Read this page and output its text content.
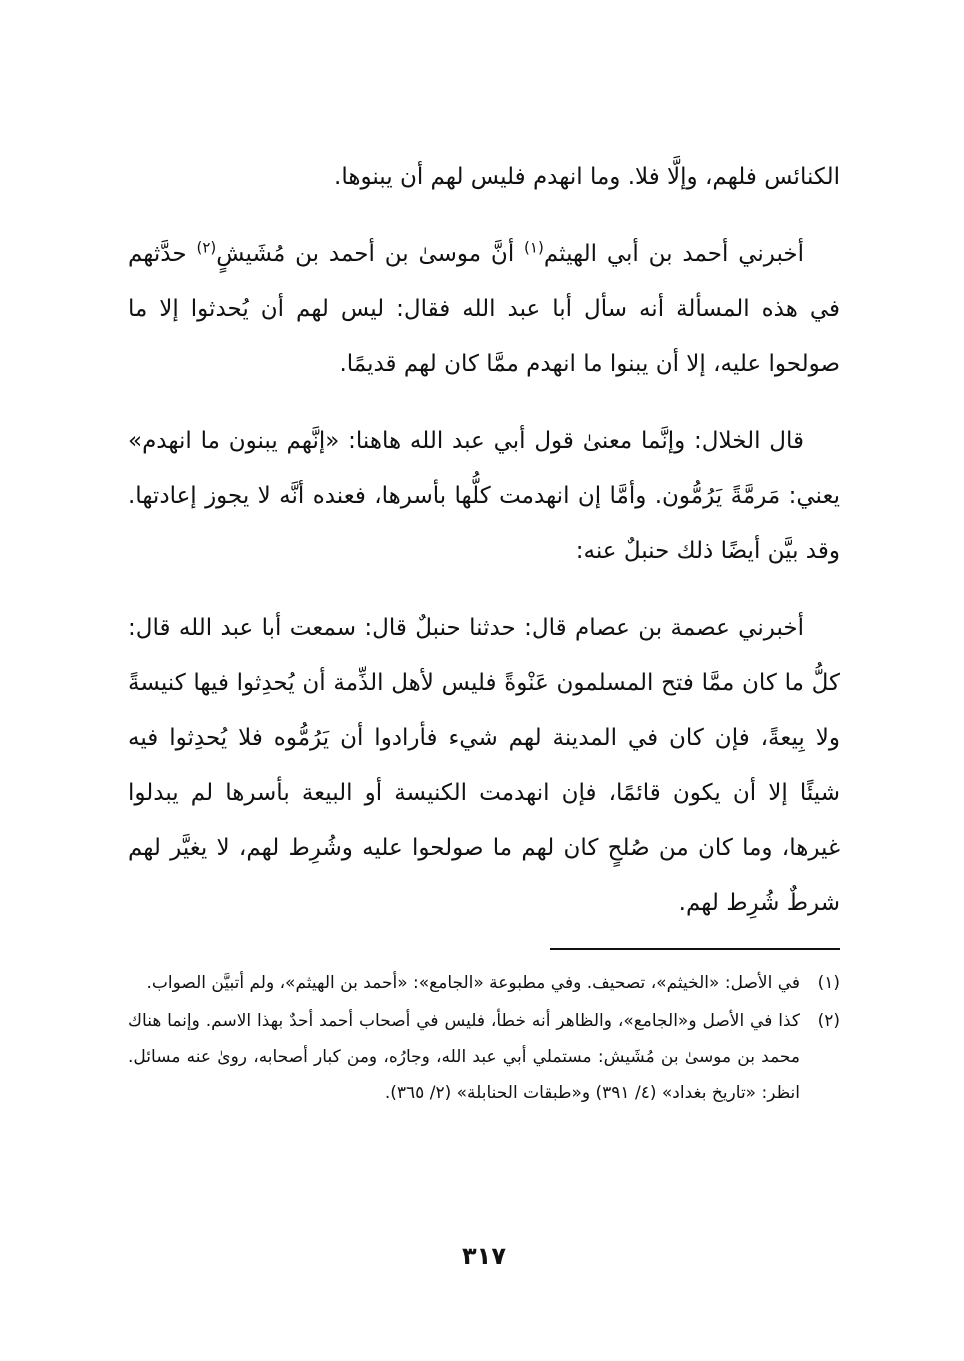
الكنائس فلهم، وإلَّا فلا. وما انهدم فليس لهم أن يبنوها.

أخبرني أحمد بن أبي الهيثم$^{(١)}$ أنَّ موسىٰ بن أحمد بن مُشَيشٍ$^{(٢)}$ حدَّثهم في هذه المسألة أنه سأل أبا عبد الله فقال: ليس لهم أن يُحدثوا إلا ما صولحوا عليه، إلا أن يبنوا ما انهدم ممَّا كان لهم قديمًا.

قال الخلال: وإنَّما معنىٰ قول أبي عبد الله هاهنا: «إنَّهم يبنون ما انهدم» يعني: مَرمَّةً يَرُمُّون. وأمَّا إن انهدمت كلُّها بأسرها، فعنده أنَّه لا يجوز إعادتها. وقد بيَّن أيضًا ذلك حنبلٌ عنه:

أخبرني عصمة بن عصام قال: حدثنا حنبلٌ قال: سمعت أبا عبد الله قال: كلُّ ما كان ممَّا فتح المسلمون عَنْوةً فليس لأهل الذِّمة أن يُحدِثوا فيها كنيسةً ولا بِيعةً، فإن كان في المدينة لهم شيء فأرادوا أن يَرُمُّوه فلا يُحدِثوا فيه شيئًا إلا أن يكون قائمًا، فإن انهدمت الكنيسة أو البيعة بأسرها لم يبدلوا غيرها، وما كان من صُلحٍ كان لهم ما صولحوا عليه وشُرِط لهم، لا يغيَّر لهم شرطٌ شُرِط لهم.

(١)
في الأصل: «الخيثم»، تصحيف. وفي مطبوعة «الجامع»: «أحمد بن الهيثم»، ولم أتبيَّن الصواب.
(٢)
كذا في الأصل و«الجامع»، والظاهر أنه خطأ، فليس في أصحاب أحمد أحدٌ بهذا الاسم. وإنما هناك محمد بن موسىٰ بن مُشَيش: مستملي أبي عبد الله، وجارُه، ومن كبار أصحابه، روىٰ عنه مسائل. انظر: «تاريخ بغداد» (٤/ ٣٩١) و«طبقات الحنابلة» (٢/ ٣٦٥).
٣١٧
